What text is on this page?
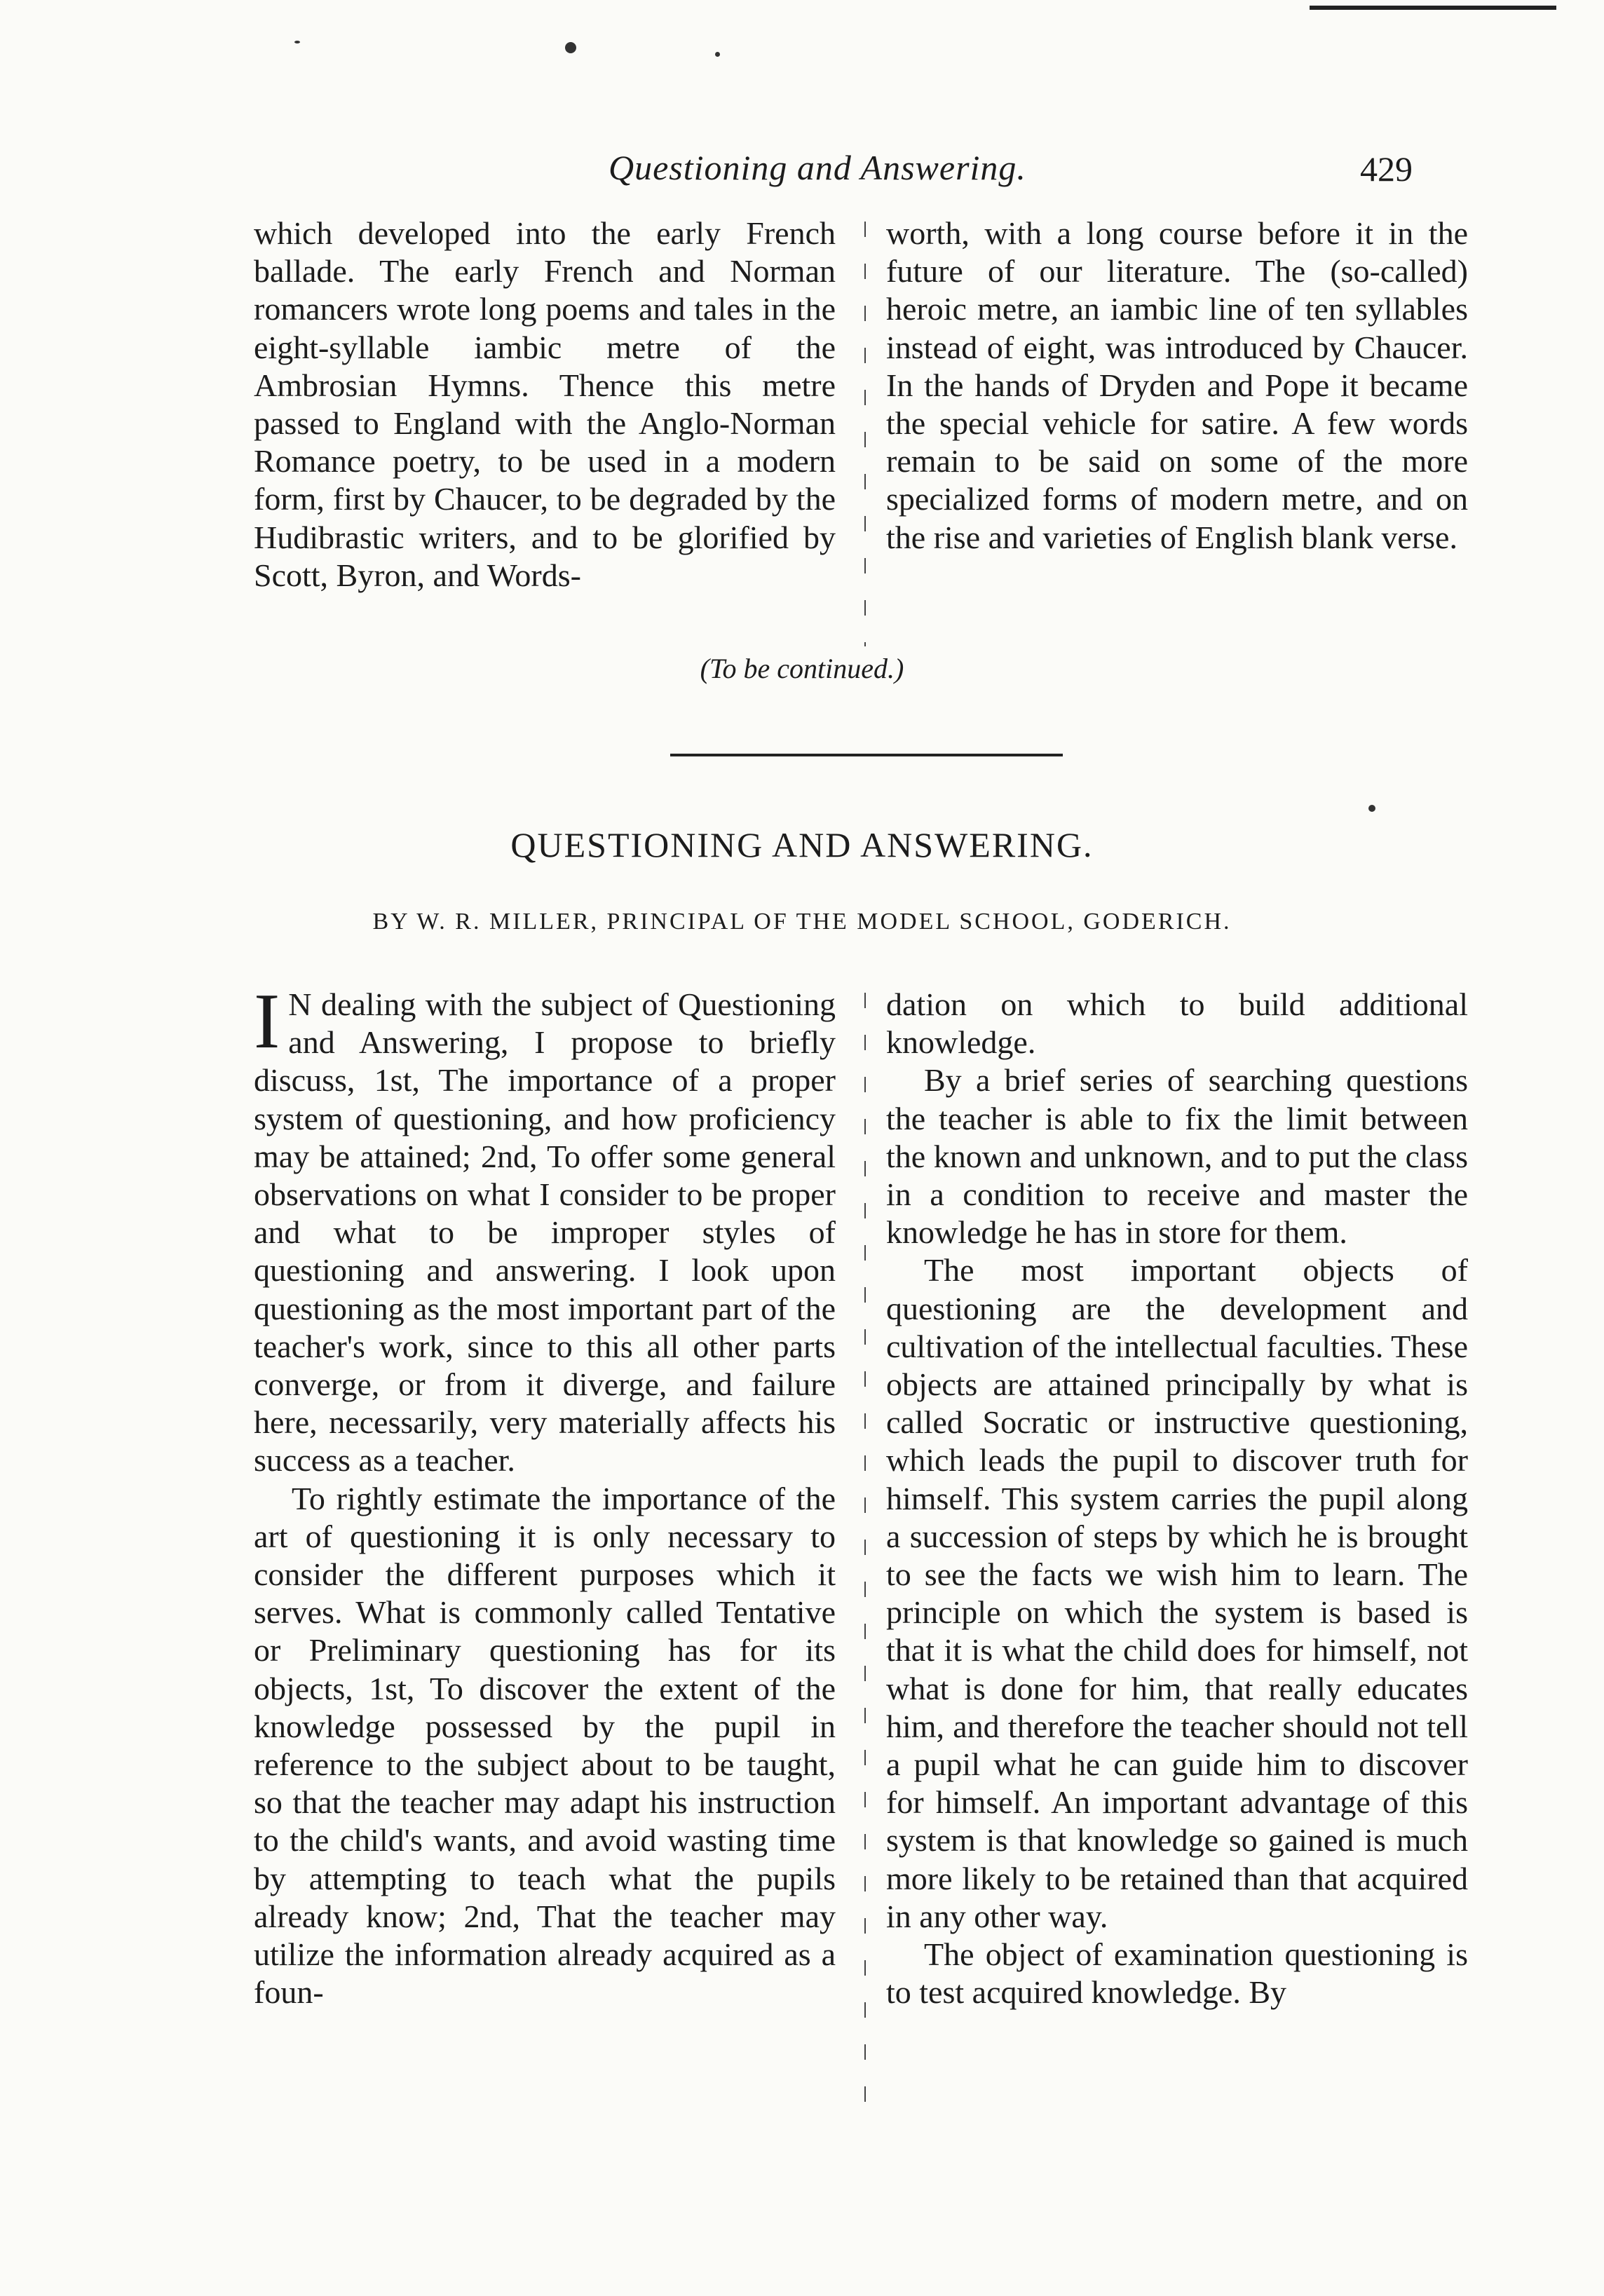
Questioning and Answering.	429

which developed into the early French ballade. The early French and Norman romancers wrote long poems and tales in the eight-syllable iambic metre of the Ambrosian Hymns. Thence this metre passed to England with the Anglo-Norman Romance poetry, to be used in a modern form, first by Chaucer, to be degraded by the Hudibrastic writers, and to be glorified by Scott, Byron, and Words-

worth, with a long course before it in the future of our literature. The (so-called) heroic metre, an iambic line of ten syllables instead of eight, was introduced by Chaucer. In the hands of Dryden and Pope it became the special vehicle for satire. A few words remain to be said on some of the more specialized forms of modern metre, and on the rise and varieties of English blank verse.

(To be continued.)
QUESTIONING AND ANSWERING.
BY W. R. MILLER, PRINCIPAL OF THE MODEL SCHOOL, GODERICH.

I N dealing with the subject of Questioning and Answering, I propose to briefly discuss, 1st, The importance of a proper system of questioning, and how proficiency may be attained; 2nd, To offer some general observations on what I consider to be proper and what to be improper styles of questioning and answering. I look upon questioning as the most important part of the teacher's work, since to this all other parts converge, or from it diverge, and failure here, necessarily, very materially affects his success as a teacher.

To rightly estimate the importance of the art of questioning it is only necessary to consider the different purposes which it serves. What is commonly called Tentative or Preliminary questioning has for its objects, 1st, To discover the extent of the knowledge possessed by the pupil in reference to the subject about to be taught, so that the teacher may adapt his instruction to the child's wants, and avoid wasting time by attempting to teach what the pupils already know; 2nd, That the teacher may utilize the information already acquired as a foun-

dation on which to build additional knowledge.

By a brief series of searching questions the teacher is able to fix the limit between the known and unknown, and to put the class in a condition to receive and master the knowledge he has in store for them.

The most important objects of questioning are the development and cultivation of the intellectual faculties. These objects are attained principally by what is called Socratic or instructive questioning, which leads the pupil to discover truth for himself. This system carries the pupil along a succession of steps by which he is brought to see the facts we wish him to learn. The principle on which the system is based is that it is what the child does for himself, not what is done for him, that really educates him, and therefore the teacher should not tell a pupil what he can guide him to discover for himself. An important advantage of this system is that knowledge so gained is much more likely to be retained than that acquired in any other way.

The object of examination questioning is to test acquired knowledge. By
